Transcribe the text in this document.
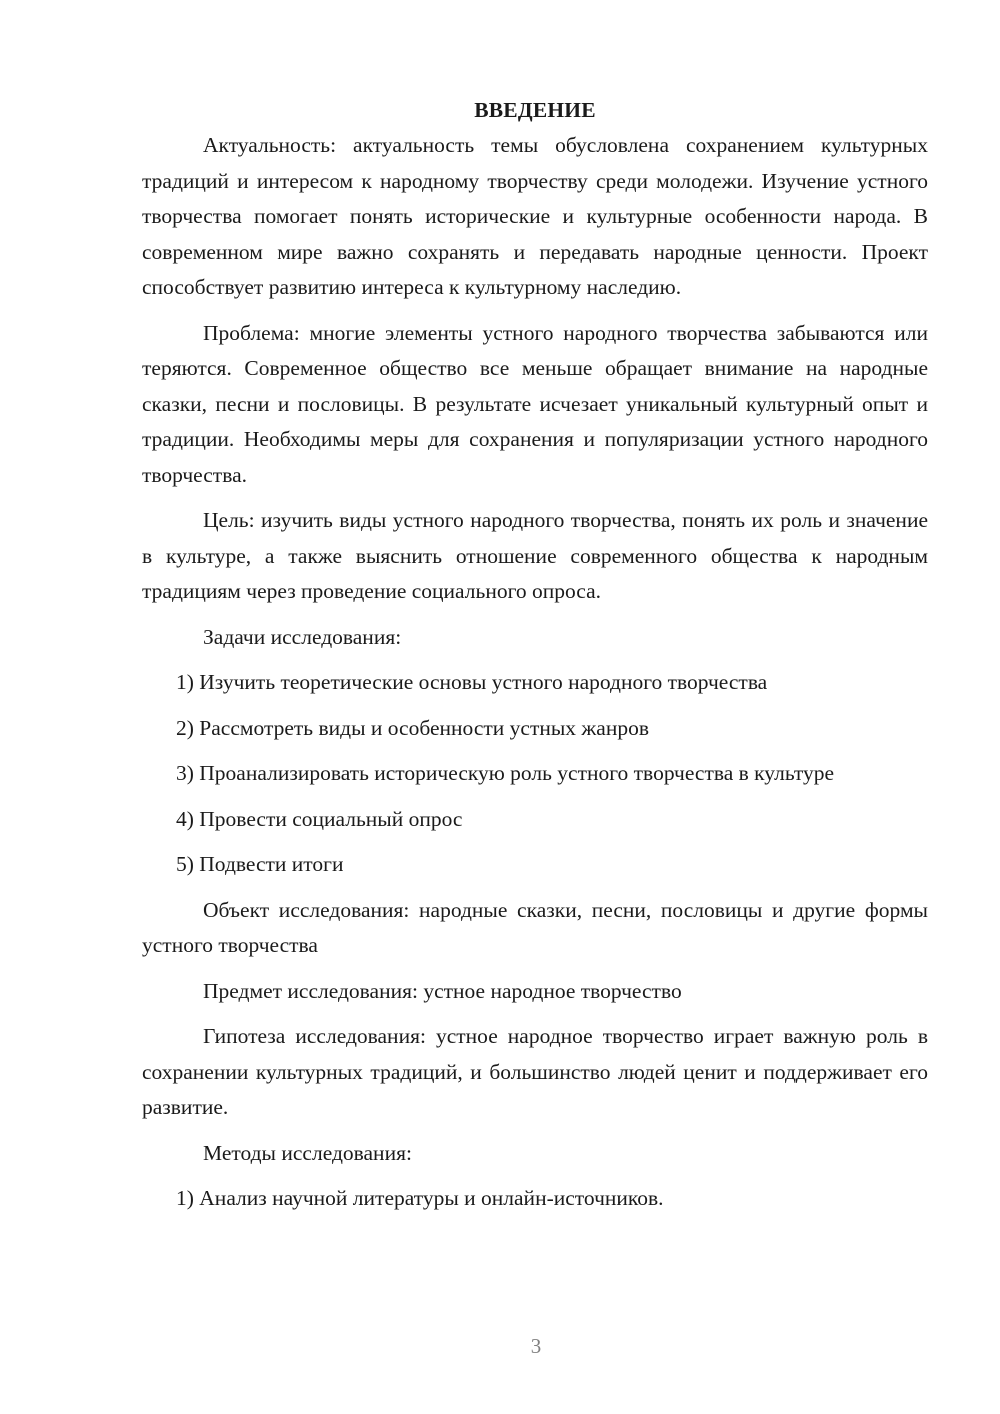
ВВЕДЕНИЕ

Актуальность: актуальность темы обусловлена сохранением культурных традиций и интересом к народному творчеству среди молодежи. Изучение устного творчества помогает понять исторические и культурные особенности народа. В современном мире важно сохранять и передавать народные ценности. Проект способствует развитию интереса к культурному наследию.

Проблема: многие элементы устного народного творчества забываются или теряются. Современное общество все меньше обращает внимание на народные сказки, песни и пословицы. В результате исчезает уникальный культурный опыт и традиции. Необходимы меры для сохранения и популяризации устного народного творчества.

Цель: изучить виды устного народного творчества, понять их роль и значение в культуре, а также выяснить отношение современного общества к народным традициям через проведение социального опроса.

Задачи исследования:

1) Изучить теоретические основы устного народного творчества

2) Рассмотреть виды и особенности устных жанров

3) Проанализировать историческую роль устного творчества в культуре

4) Провести социальный опрос

5) Подвести итоги

Объект исследования: народные сказки, песни, пословицы и другие формы устного творчества

Предмет исследования: устное народное творчество

Гипотеза исследования: устное народное творчество играет важную роль в сохранении культурных традиций, и большинство людей ценит и поддерживает его развитие.

Методы исследования:

1) Анализ научной литературы и онлайн-источников.

3
